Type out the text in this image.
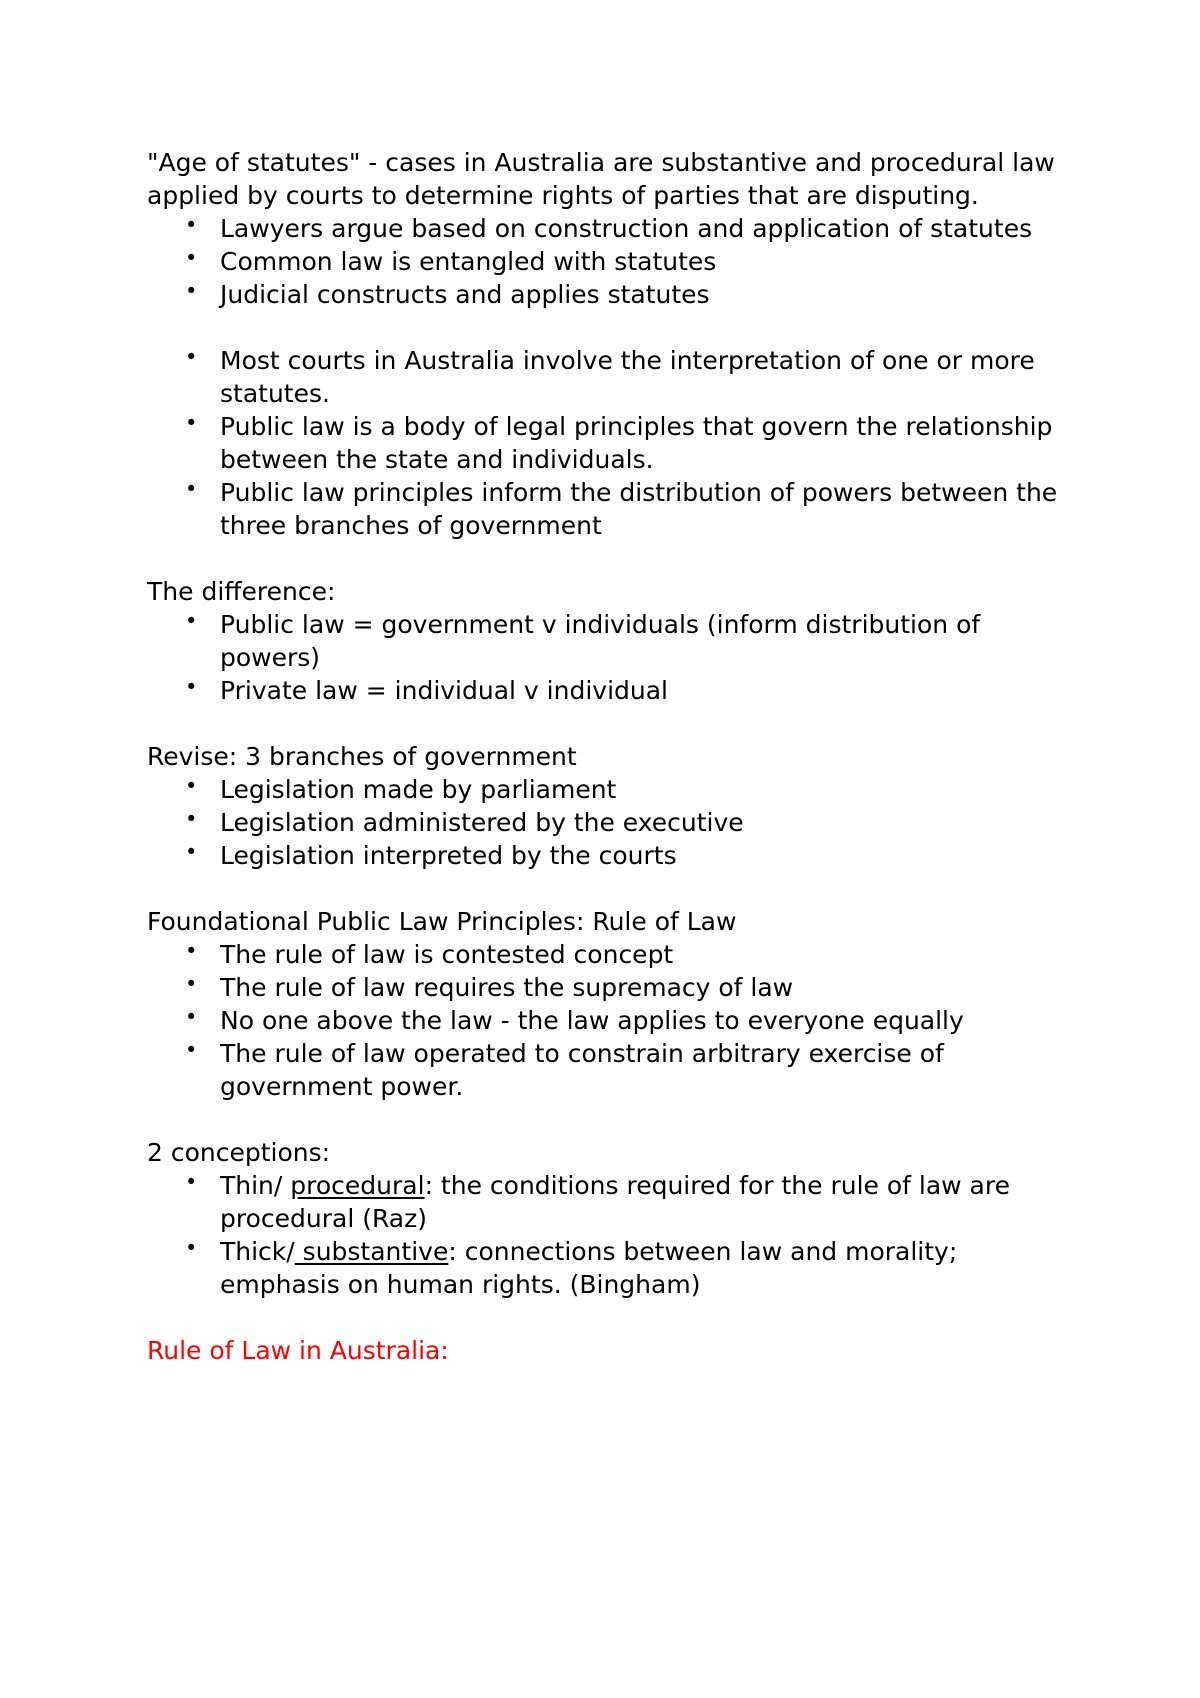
"Age of statutes" - cases in Australia are substantive and procedural law applied by courts to determine rights of parties that are disputing.

• Lawyers argue based on construction and application of statutes
• Common law is entangled with statutes
• Judicial constructs and applies statutes
• Most courts in Australia involve the interpretation of one or more statutes.
• Public law is a body of legal principles that govern the relationship between the state and individuals.
• Public law principles inform the distribution of powers between the three branches of government

The difference:

• Public law = government v individuals (inform distribution of powers)
• Private law = individual v individual

Revise: 3 branches of government

• Legislation made by parliament
• Legislation administered by the executive
• Legislation interpreted by the courts

Foundational Public Law Principles: Rule of Law

• The rule of law is contested concept
• The rule of law requires the supremacy of law
• No one above the law - the law applies to everyone equally
• The rule of law operated to constrain arbitrary exercise of government power.

2 conceptions:

• Thin/ procedural: the conditions required for the rule of law are procedural (Raz)
• Thick/ substantive: connections between law and morality; emphasis on human rights. (Bingham)

Rule of Law in Australia:
